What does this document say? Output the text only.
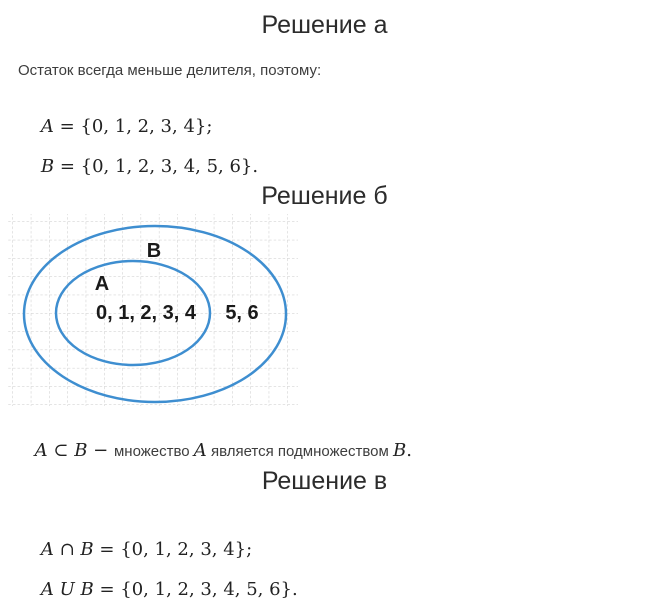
Решение а
Остаток всегда меньше делителя, поэтому:

A = {0, 1, 2, 3, 4};

B = {0, 1, 2, 3, 4, 5, 6}.

Решение б
B
A
0, 1, 2, 3, 4 5, 6

A ⊂ B − множество A является подмножеством B.

Решение в

A ∩ B = {0, 1, 2, 3, 4};

A U B = {0, 1, 2, 3, 4, 5, 6}.
